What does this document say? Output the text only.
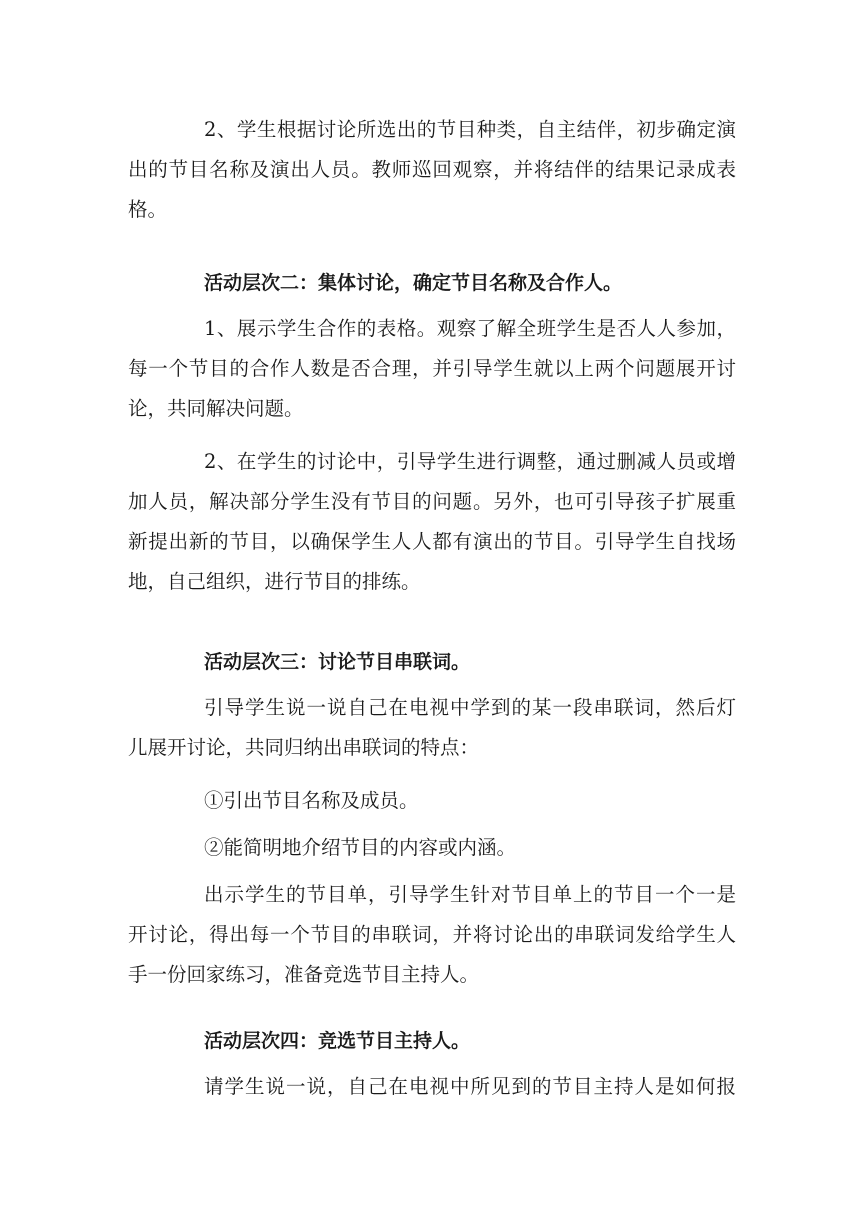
2、学生根据讨论所选出的节目种类，自主结伴，初步确定演
出的节目名称及演出人员。教师巡回观察，并将结伴的结果记录成表
格。
活动层次二：集体讨论，确定节目名称及合作人。
1、展示学生合作的表格。观察了解全班学生是否人人参加，
每一个节目的合作人数是否合理，并引导学生就以上两个问题展开讨
论，共同解决问题。
2、在学生的讨论中，引导学生进行调整，通过删减人员或增
加人员，解决部分学生没有节目的问题。另外，也可引导孩子扩展重
新提出新的节目，以确保学生人人都有演出的节目。引导学生自找场
地，自己组织，进行节目的排练。
活动层次三：讨论节目串联词。
引导学生说一说自己在电视中学到的某一段串联词，然后灯
儿展开讨论，共同归纳出串联词的特点：
①引出节目名称及成员。
②能简明地介绍节目的内容或内涵。
出示学生的节目单，引导学生针对节目单上的节目一个一是
开讨论，得出每一个节目的串联词，并将讨论出的串联词发给学生人
手一份回家练习，准备竞选节目主持人。
活动层次四：竞选节目主持人。
请学生说一说，自己在电视中所见到的节目主持人是如何报
